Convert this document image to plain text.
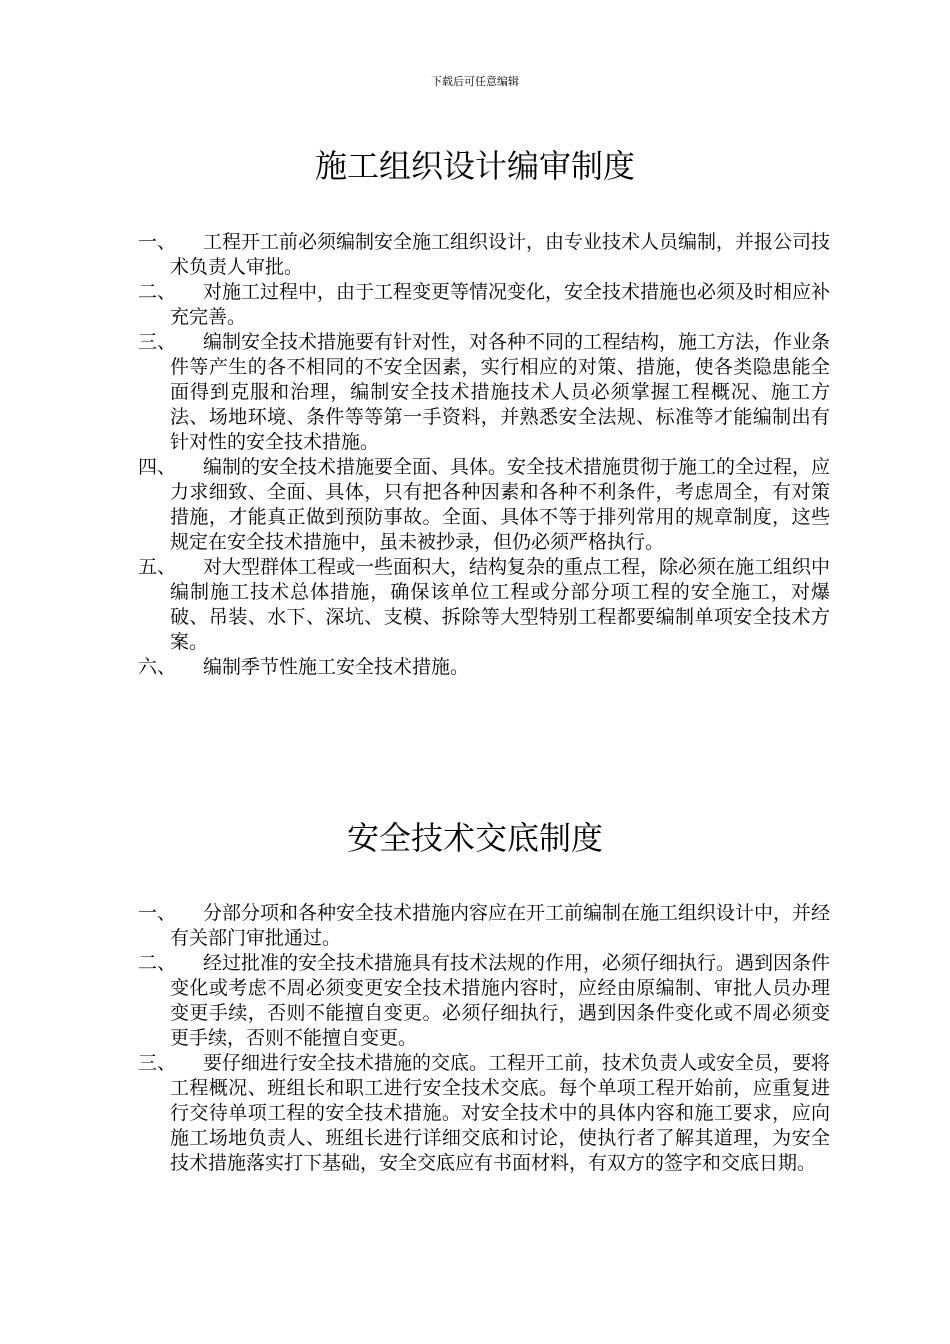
下载后可任意编辑
施工组织设计编审制度
一、	工程开工前必须编制安全施工组织设计，由专业技术人员编制，并报公司技术负责人审批。
二、	对施工过程中，由于工程变更等情况变化，安全技术措施也必须及时相应补充完善。
三、	编制安全技术措施要有针对性，对各种不同的工程结构，施工方法，作业条件等产生的各不相同的不安全因素，实行相应的对策、措施，使各类隐患能全面得到克服和治理，编制安全技术措施技术人员必须掌握工程概况、施工方法、场地环境、条件等等第一手资料，并熟悉安全法规、标准等才能编制出有针对性的安全技术措施。
四、	编制的安全技术措施要全面、具体。安全技术措施贯彻于施工的全过程，应力求细致、全面、具体，只有把各种因素和各种不利条件，考虑周全，有对策措施，才能真正做到预防事故。全面、具体不等于排列常用的规章制度，这些规定在安全技术措施中，虽未被抄录，但仍必须严格执行。
五、	对大型群体工程或一些面积大，结构复杂的重点工程，除必须在施工组织中编制施工技术总体措施，确保该单位工程或分部分项工程的安全施工，对爆破、吊装、水下、深坑、支模、拆除等大型特别工程都要编制单项安全技术方案。
六、	编制季节性施工安全技术措施。
安全技术交底制度
一、	分部分项和各种安全技术措施内容应在开工前编制在施工组织设计中，并经有关部门审批通过。
二、	经过批准的安全技术措施具有技术法规的作用，必须仔细执行。遇到因条件变化或考虑不周必须变更安全技术措施内容时，应经由原编制、审批人员办理变更手续，否则不能擅自变更。必须仔细执行，遇到因条件变化或不周必须变更手续，否则不能擅自变更。
三、	要仔细进行安全技术措施的交底。工程开工前，技术负责人或安全员，要将工程概况、班组长和职工进行安全技术交底。每个单项工程开始前，应重复进行交待单项工程的安全技术措施。对安全技术中的具体内容和施工要求，应向施工场地负责人、班组长进行详细交底和讨论，使执行者了解其道理，为安全技术措施落实打下基础，安全交底应有书面材料，有双方的签字和交底日期。
